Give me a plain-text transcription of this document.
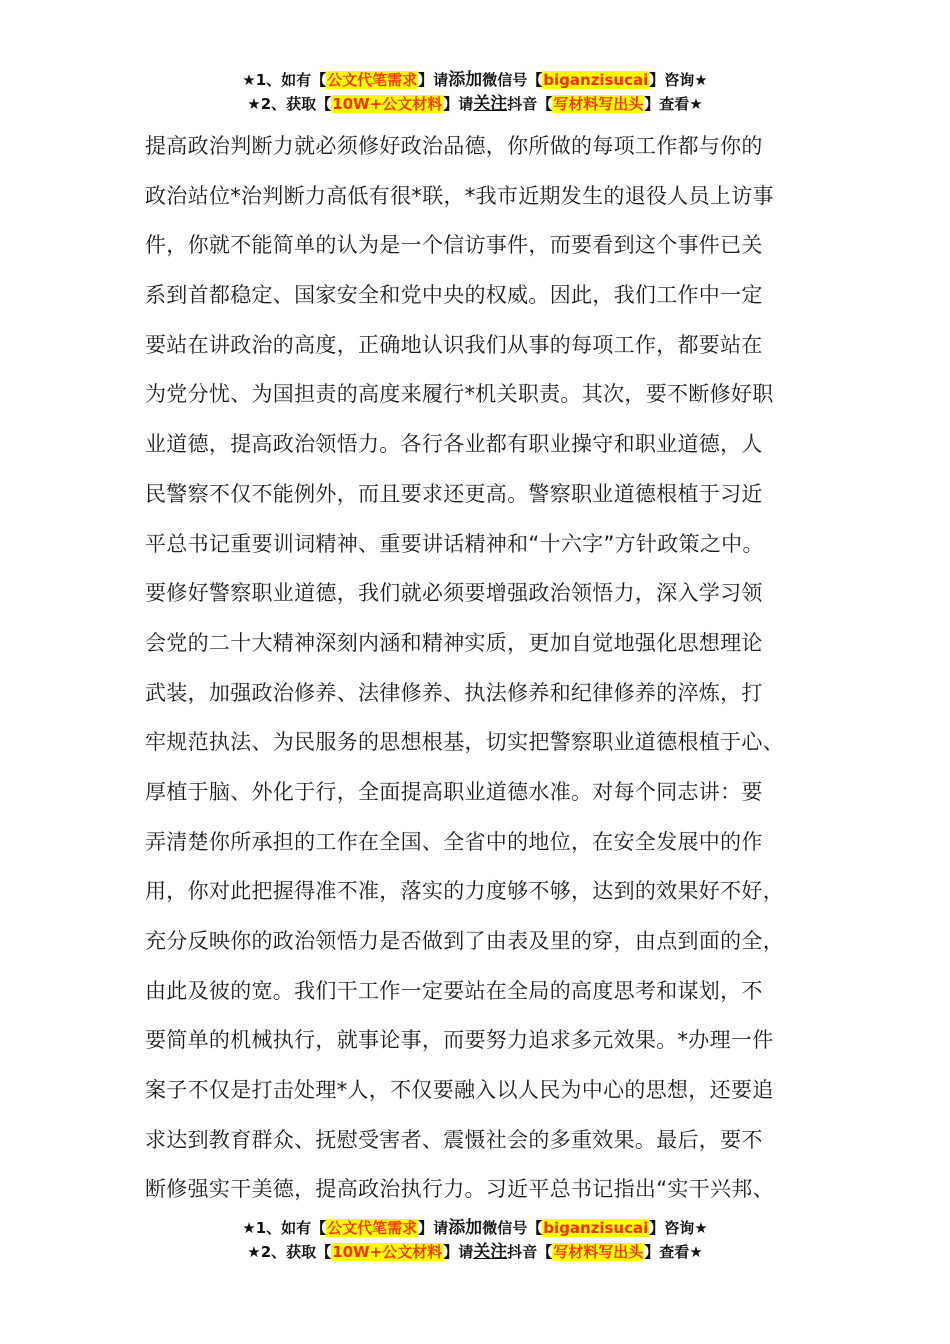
★1、如有【公文代笔需求】请添加微信号【biganzisucai】咨询★
★2、获取【10W+公文材料】请关注抖音【写材料写出头】查看★
提高政治判断力就必须修好政治品德，你所做的每项工作都与你的
政治站位*治判断力高低有很*联，*我市近期发生的退役人员上访事
件，你就不能简单的认为是一个信访事件，而要看到这个事件已关
系到首都稳定、国家安全和党中央的权威。因此，我们工作中一定
要站在讲政治的高度，正确地认识我们从事的每项工作，都要站在
为党分忧、为国担责的高度来履行*机关职责。其次，要不断修好职
业道德，提高政治领悟力。各行各业都有职业操守和职业道德，人
民警察不仅不能例外，而且要求还更高。警察职业道德根植于习近
平总书记重要训词精神、重要讲话精神和“十六字”方针政策之中。
要修好警察职业道德，我们就必须要增强政治领悟力，深入学习领
会党的二十大精神深刻内涵和精神实质，更加自觉地强化思想理论
武装，加强政治修养、法律修养、执法修养和纪律修养的淬炼，打
牢规范执法、为民服务的思想根基，切实把警察职业道德根植于心、
厚植于脑、外化于行，全面提高职业道德水准。对每个同志讲：要
弄清楚你所承担的工作在全国、全省中的地位，在安全发展中的作
用，你对此把握得准不准，落实的力度够不够，达到的效果好不好，
充分反映你的政治领悟力是否做到了由表及里的穿，由点到面的全，
由此及彼的宽。我们干工作一定要站在全局的高度思考和谋划，不
要简单的机械执行，就事论事，而要努力追求多元效果。*办理一件
案子不仅是打击处理*人，不仅要融入以人民为中心的思想，还要追
求达到教育群众、抚慰受害者、震慑社会的多重效果。最后，要不
断修强实干美德，提高政治执行力。习近平总书记指出“实干兴邦、
★1、如有【公文代笔需求】请添加微信号【biganzisucai】咨询★
★2、获取【10W+公文材料】请关注抖音【写材料写出头】查看★
